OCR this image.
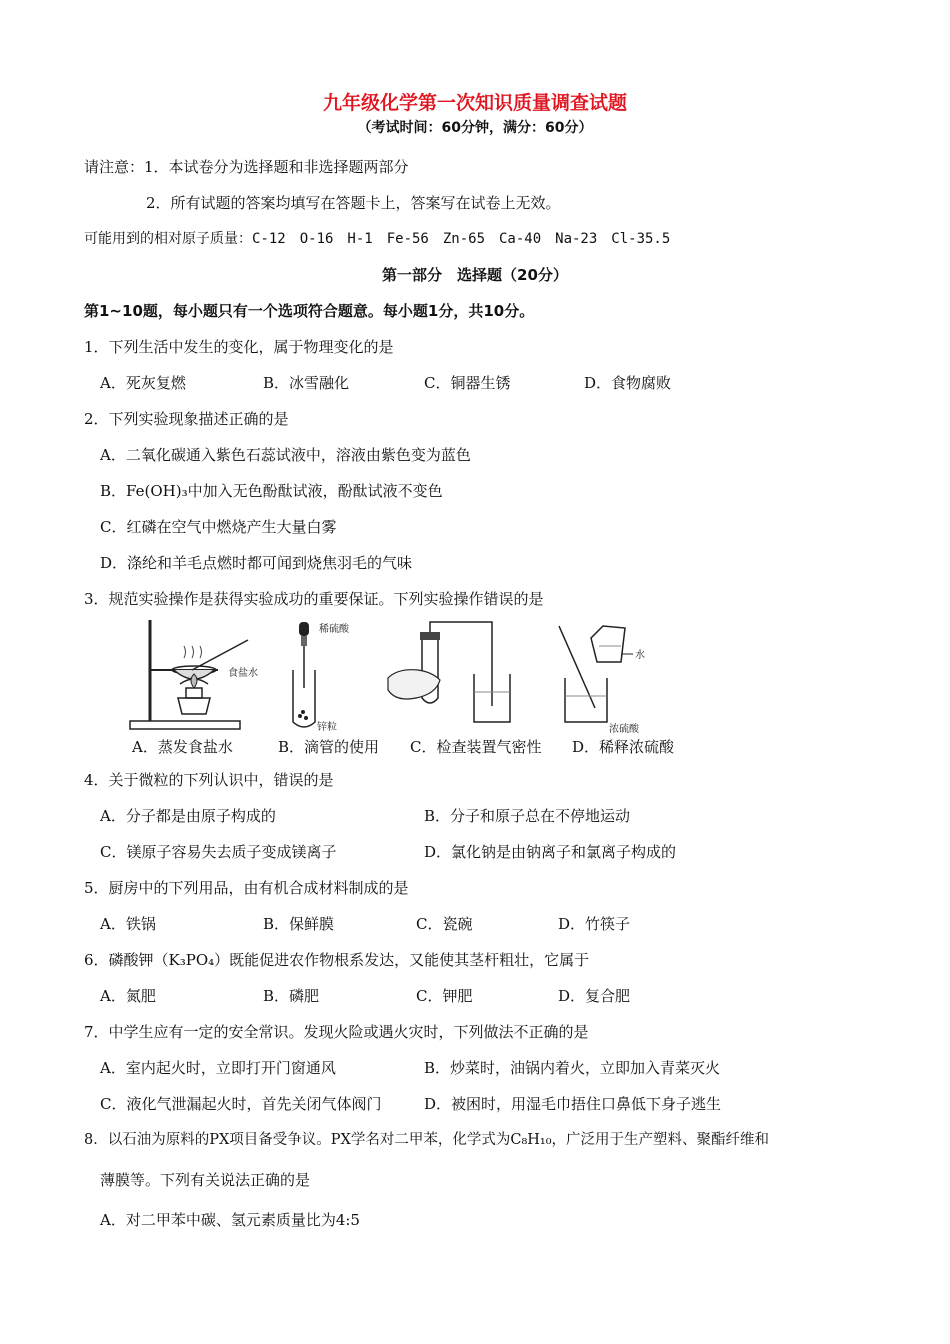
九年级化学第一次知识质量调查试题
（考试时间：60分钟，满分：60分）
请注意：1．本试卷分为选择题和非选择题两部分
2．所有试题的答案均填写在答题卡上，答案写在试卷上无效。
可能用到的相对原子质量：C-12　O-16　H-1　Fe-56　Zn-65　Ca-40　Na-23　Cl-35.5
第一部分　选择题（20分）
第1~10题，每小题只有一个选项符合题意。每小题1分，共10分。
1．下列生活中发生的变化，属于物理变化的是
A．死灰复燃	B．冰雪融化	C．铜器生锈	D．食物腐败
2．下列实验现象描述正确的是
A．二氧化碳通入紫色石蕊试液中，溶液由紫色变为蓝色
B．Fe(OH)₃中加入无色酚酞试液，酚酞试液不变色
C．红磷在空气中燃烧产生大量白雾
D．涤纶和羊毛点燃时都可闻到烧焦羽毛的气味
3．规范实验操作是获得实验成功的重要保证。下列实验操作错误的是
食盐水
稀硫酸
锌粒
水
浓硫酸
A．蒸发食盐水	B．滴管的使用 C．检查装置气密性 D．稀释浓硫酸
4．关于微粒的下列认识中，错误的是
A．分子都是由原子构成的	B．分子和原子总在不停地运动
C．镁原子容易失去质子变成镁离子	D．氯化钠是由钠离子和氯离子构成的
5．厨房中的下列用品，由有机合成材料制成的是
A．铁锅	B．保鲜膜	C．瓷碗	D．竹筷子
6．磷酸钾（K₃PO₄）既能促进农作物根系发达，又能使其茎杆粗壮，它属于
A．氮肥	B．磷肥	C．钾肥	D．复合肥
7．中学生应有一定的安全常识。发现火险或遇火灾时，下列做法不正确的是
A．室内起火时，立即打开门窗通风	B．炒菜时，油锅内着火，立即加入青菜灭火
C．液化气泄漏起火时，首先关闭气体阀门	D．被困时，用湿毛巾捂住口鼻低下身子逃生
8．以石油为原料的PX项目备受争议。PX学名对二甲苯，化学式为C₈H₁₀，广泛用于生产塑料、聚酯纤维和
薄膜等。下列有关说法正确的是
A．对二甲苯中碳、氢元素质量比为4:5
